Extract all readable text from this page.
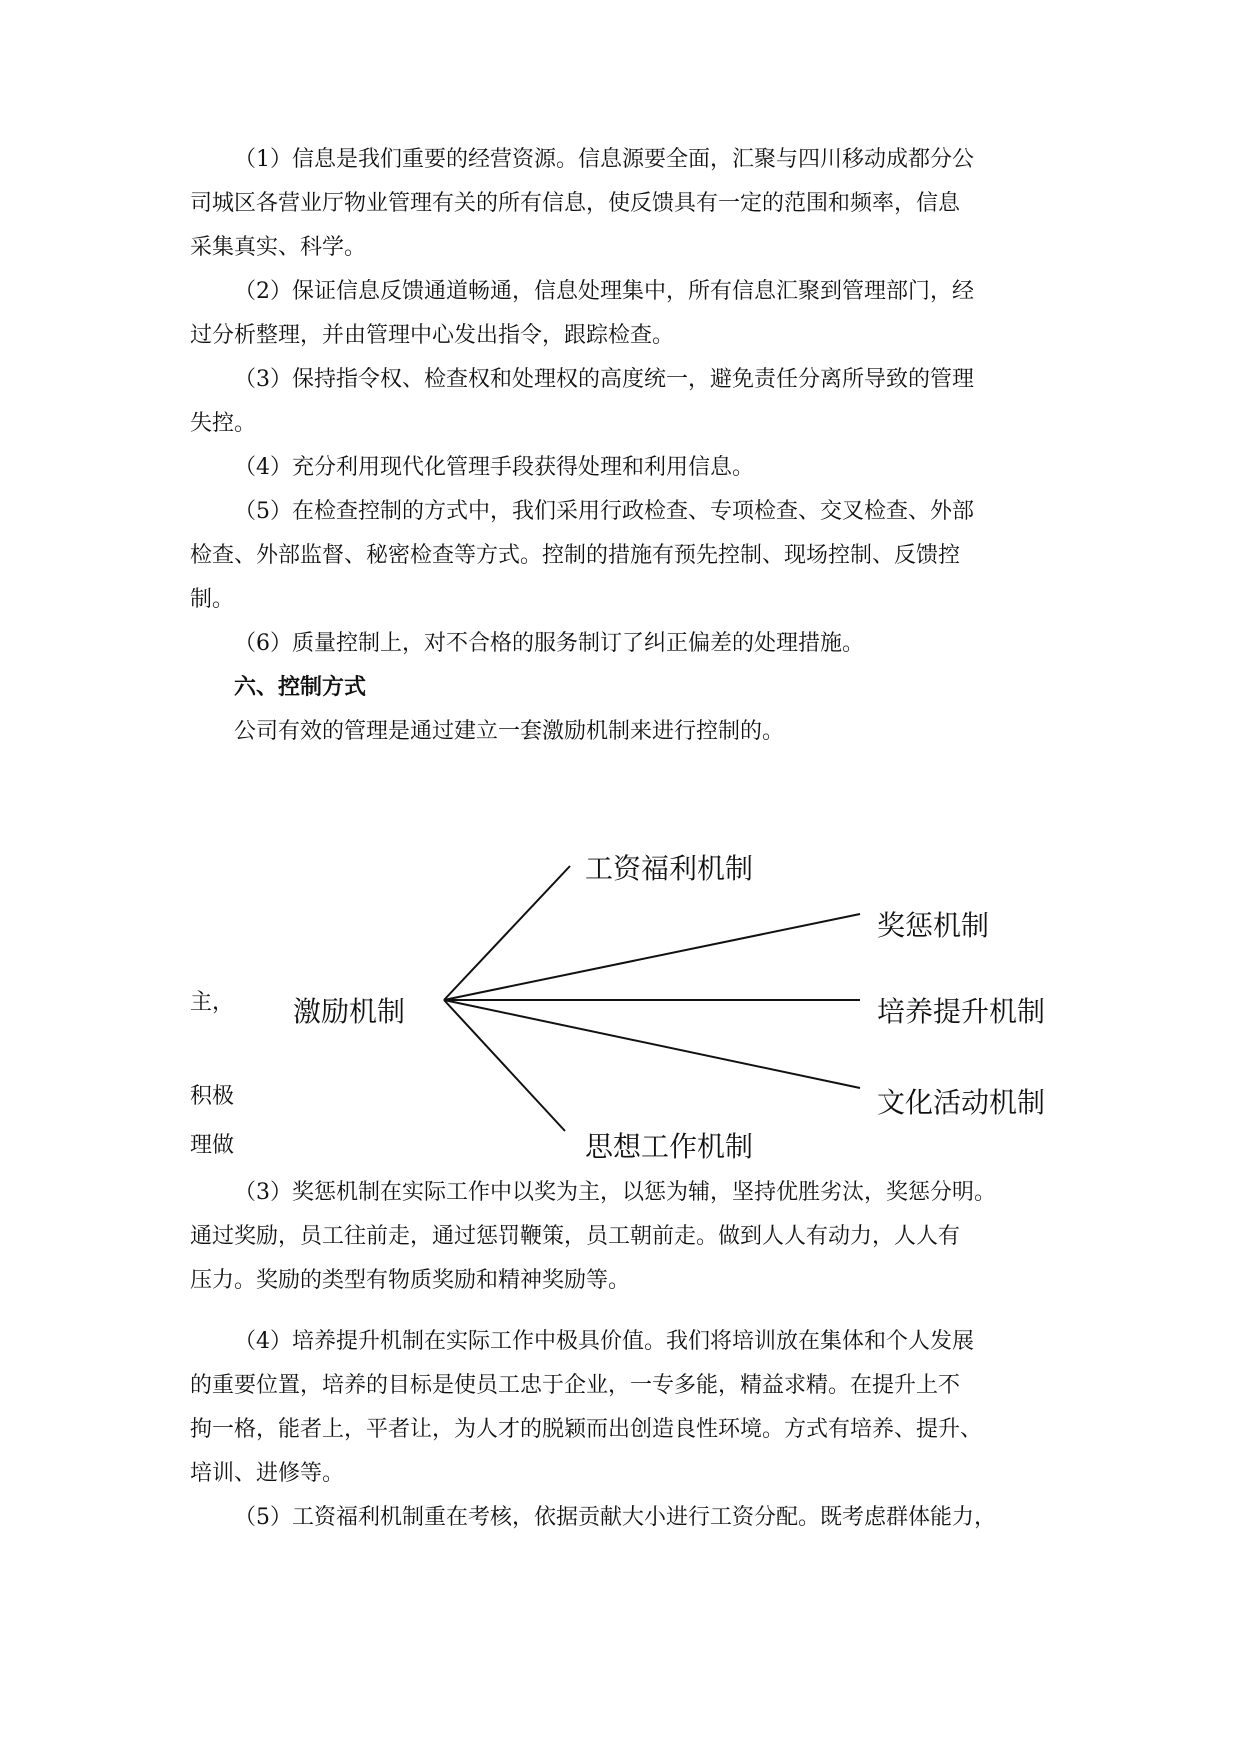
（1）信息是我们重要的经营资源。信息源要全面，汇聚与四川移动成都分公
司城区各营业厅物业管理有关的所有信息，使反馈具有一定的范围和频率，信息
采集真实、科学。
（2）保证信息反馈通道畅通，信息处理集中，所有信息汇聚到管理部门，经
过分析整理，并由管理中心发出指令，跟踪检查。
（3）保持指令权、检查权和处理权的高度统一，避免责任分离所导致的管理
失控。
（4）充分利用现代化管理手段获得处理和利用信息。
（5）在检查控制的方式中，我们采用行政检查、专项检查、交叉检查、外部
检查、外部监督、秘密检查等方式。控制的措施有预先控制、现场控制、反馈控
制。
（6）质量控制上，对不合格的服务制订了纠正偏差的处理措施。
六、控制方式
公司有效的管理是通过建立一套激励机制来进行控制的。
激励机制
工资福利机制
奖惩机制
培养提升机制
文化活动机制
思想工作机制
主，
积极
理做
（3）奖惩机制在实际工作中以奖为主，以惩为辅，坚持优胜劣汰，奖惩分明。
通过奖励，员工往前走，通过惩罚鞭策，员工朝前走。做到人人有动力，人人有
压力。奖励的类型有物质奖励和精神奖励等。
（4）培养提升机制在实际工作中极具价值。我们将培训放在集体和个人发展
的重要位置，培养的目标是使员工忠于企业，一专多能，精益求精。在提升上不
拘一格，能者上，平者让，为人才的脱颖而出创造良性环境。方式有培养、提升、
培训、进修等。
（5）工资福利机制重在考核，依据贡献大小进行工资分配。既考虑群体能力，
